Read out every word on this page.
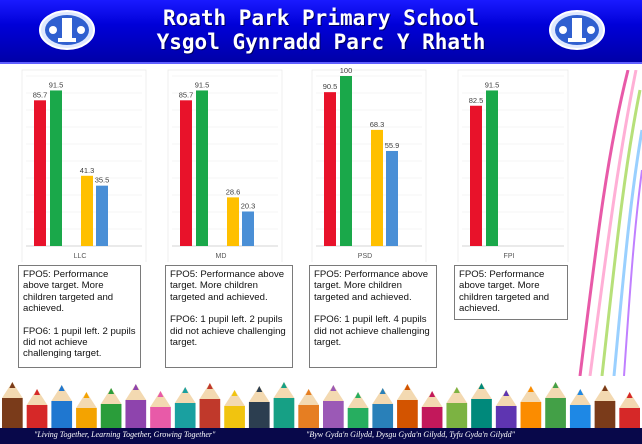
Roath Park Primary School
Ysgol Gynradd Parc Y Rhath
85.7
91.5
41.3
35.5
LLC
85.7
91.5
28.6
20.3
MD
90.5
100
68.3
55.9
PSD
82.5
91.5
FPI

FPO5: Performance above target. More children targeted and achieved.

FPO6: 1 pupil left. 2 pupils did not achieve challenging target.

FPO5: Performance above target. More children targeted and achieved.

FPO6: 1 pupil left. 2 pupils did not achieve challenging target.

FPO5: Performance above target. More children targeted and achieved.

FPO6: 1 pupil left. 4 pupils did not achieve challenging target.

FPO5: Performance above target. More children targeted and achieved.

"Living Together, Learning Together, Growing Together"	"Byw Gyda'n Gilydd, Dysgu Gyda'n Gilydd, Tyfu Gyda'n Gilydd"
